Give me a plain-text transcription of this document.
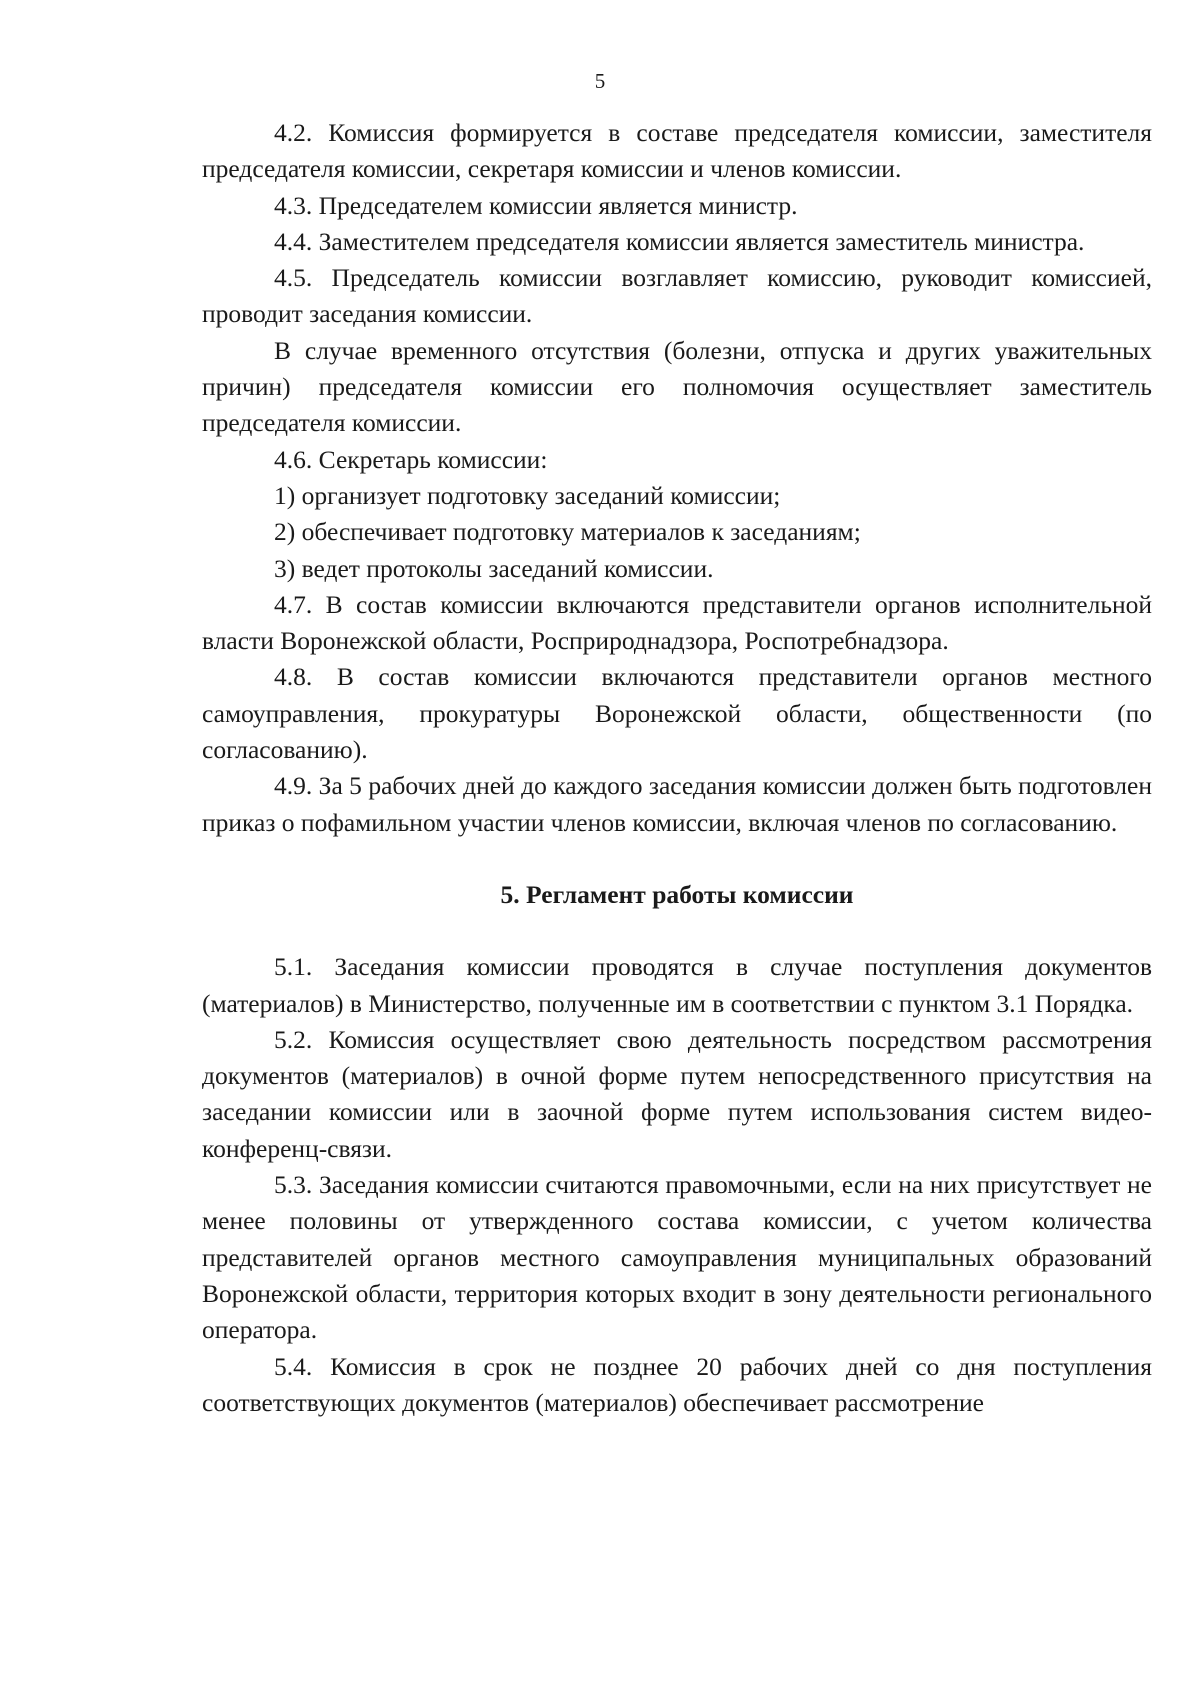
5

4.2. Комиссия формируется в составе председателя комиссии, заместителя председателя комиссии, секретаря комиссии и членов комиссии.

4.3. Председателем комиссии является министр.

4.4. Заместителем председателя комиссии является заместитель министра.

4.5. Председатель комиссии возглавляет комиссию, руководит комиссией, проводит заседания комиссии.

В случае временного отсутствия (болезни, отпуска и других уважительных причин) председателя комиссии его полномочия осуществляет заместитель председателя комиссии.

4.6. Секретарь комиссии:

1) организует подготовку заседаний комиссии;

2) обеспечивает подготовку материалов к заседаниям;

3) ведет протоколы заседаний комиссии.

4.7. В состав комиссии включаются представители органов исполнительной власти Воронежской области, Росприроднадзора, Роспотребнадзора.

4.8. В состав комиссии включаются представители органов местного самоуправления, прокуратуры Воронежской области, общественности (по согласованию).

4.9. За 5 рабочих дней до каждого заседания комиссии должен быть подготовлен приказ о пофамильном участии членов комиссии, включая членов по согласованию.

5. Регламент работы комиссии

5.1. Заседания комиссии проводятся в случае поступления документов (материалов) в Министерство, полученные им в соответствии с пунктом 3.1 Порядка.

5.2. Комиссия осуществляет свою деятельность посредством рассмотрения документов (материалов) в очной форме путем непосредственного присутствия на заседании комиссии или в заочной форме путем использования систем видео-конференц-связи.

5.3. Заседания комиссии считаются правомочными, если на них присутствует не менее половины от утвержденного состава комиссии, с учетом количества представителей органов местного самоуправления муниципальных образований Воронежской области, территория которых входит в зону деятельности регионального оператора.

5.4. Комиссия в срок не позднее 20 рабочих дней со дня поступления соответствующих документов (материалов) обеспечивает рассмотрение
